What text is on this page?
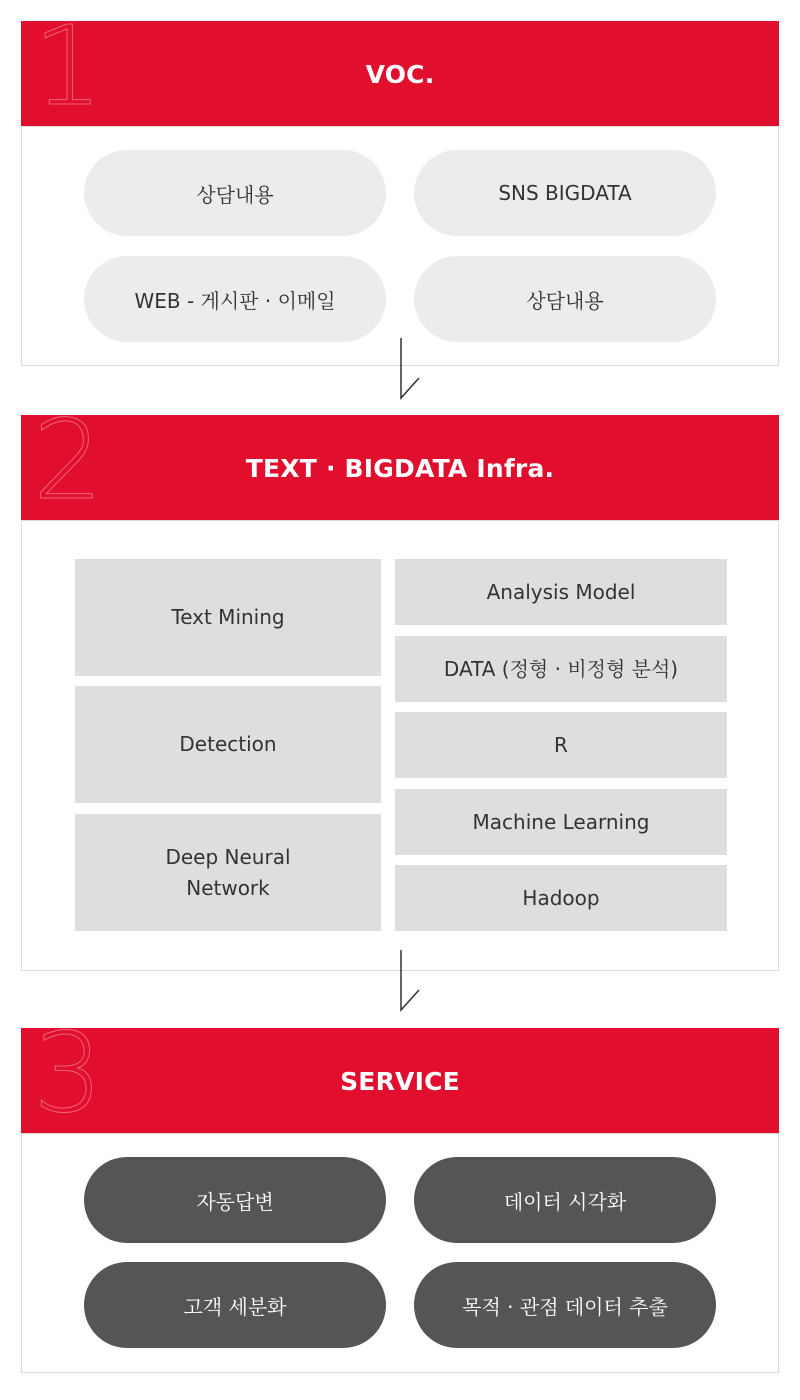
1	VOC.
상담내용	SNS BIGDATA
WEB - 게시판 · 이메일	상담내용
2	TEXT · BIGDATA Infra.
Text Mining
Detection
Deep Neural
Network
Analysis Model
DATA (정형 · 비정형 분석)
R
Machine Learning
Hadoop
3	SERVICE
자동답변	데이터 시각화
고객 세분화	목적 · 관점 데이터 추출
